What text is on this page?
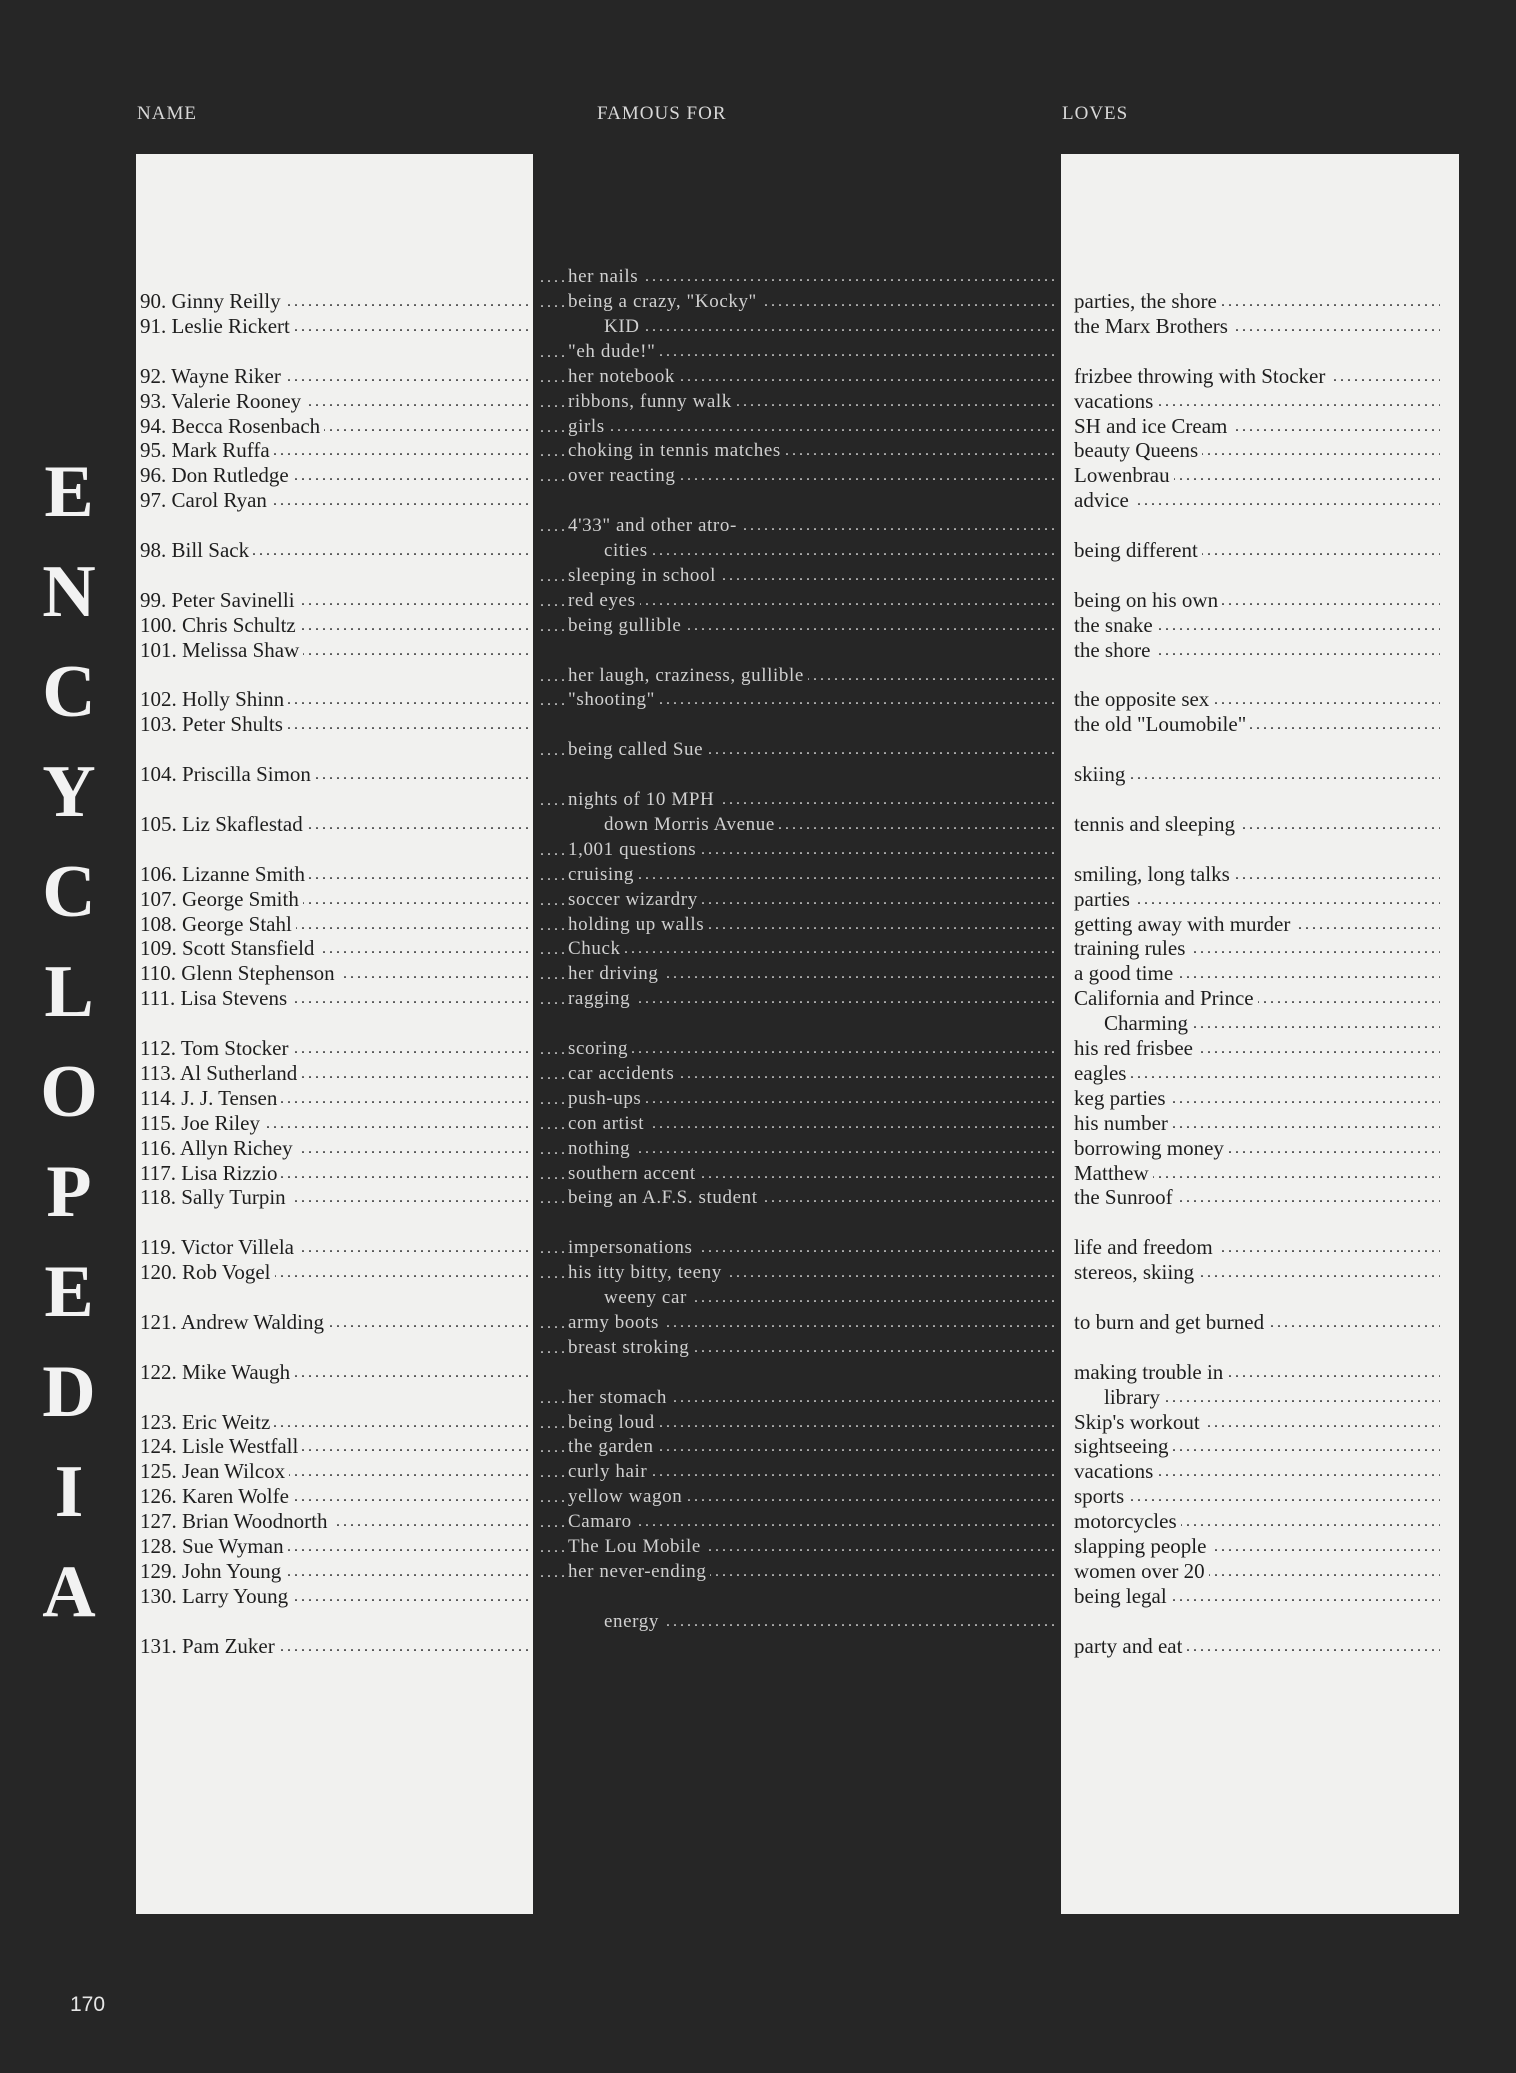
NAME	FAMOUS FOR	LOVES
E
N
C
Y
C
L
O
P
E
D
I
A
90. Ginny Reilly .....
91. Leslie Rickert .....
92. Wayne Riker .....
93. Valerie Rooney .....
94. Becca Rosenbach .....
95. Mark Ruffa .....
96. Don Rutledge .....
97. Carol Ryan .....
98. Bill Sack .....
99. Peter Savinelli .....
100. Chris Schultz .....
101. Melissa Shaw .....
102. Holly Shinn .....
103. Peter Shults .....
104. Priscilla Simon .....
105. Liz Skaflestad .....
106. Lizanne Smith .....
107. George Smith .....
108. George Stahl .....
109. Scott Stansfield .....
110. Glenn Stephenson .....
111. Lisa Stevens .....
112. Tom Stocker .....
113. Al Sutherland .....
114. J. J. Tensen .....
115. Joe Riley .....
116. Allyn Richey .....
117. Lisa Rizzio .....
118. Sally Turpin .....
119. Victor Villela .....
120. Rob Vogel .....
121. Andrew Walding .....
122. Mike Waugh .....
123. Eric Weitz .....
124. Lisle Westfall .....
125. Jean Wilcox .....
126. Karen Wolfe .....
127. Brian Woodnorth .....
128. Sue Wyman .....
129. John Young .....
130. Larry Young .....
131. Pam Zuker .....
....her nails .....
....being a crazy, "Kocky" .....
KID .....
...."eh dude!" .....
....her notebook .....
....ribbons, funny walk .....
....girls .....
....choking in tennis matches .....
....over reacting .....
....4'33" and other atro- .....
cities .....
....sleeping in school .....
....red eyes .....
....being gullible .....
....her laugh, craziness, gullible .....
...."shooting" .....
....being called Sue .....
....nights of 10 MPH .....
down Morris Avenue .....
....1,001 questions .....
....cruising .....
....soccer wizardry .....
....holding up walls .....
....Chuck .....
....her driving .....
....ragging .....
....scoring .....
....car accidents .....
....push-ups .....
....con artist .....
....nothing .....
....southern accent .....
....being an A.F.S. student .....
....impersonations .....
....his itty bitty, teeny .....
weeny car .....
....army boots .....
....breast stroking .....
....her stomach .....
....being loud .....
....the garden .....
....curly hair .....
....yellow wagon .....
....Camaro .....
....The Lou Mobile .....
....her never-ending .....
energy .....
parties, the shore .....
the Marx Brothers .....
frizbee throwing with Stocker .....
vacations .....
SH and ice Cream .....
beauty Queens .....
Lowenbrau .....
advice .....
being different .....
being on his own .....
the snake .....
the shore .....
the opposite sex .....
the old "Loumobile" .....
skiing .....
tennis and sleeping .....
smiling, long talks .....
parties .....
getting away with murder .....
training rules .....
a good time .....
California and Prince .....
Charming .....
his red frisbee .....
eagles .....
keg parties .....
his number .....
borrowing money .....
Matthew .....
the Sunroof .....
life and freedom .....
stereos, skiing .....
to burn and get burned .....
making trouble in .....
library .....
Skip's workout .....
sightseeing .....
vacations .....
sports .....
motorcycles .....
slapping people .....
women over 20 .....
being legal .....
party and eat .....
170
